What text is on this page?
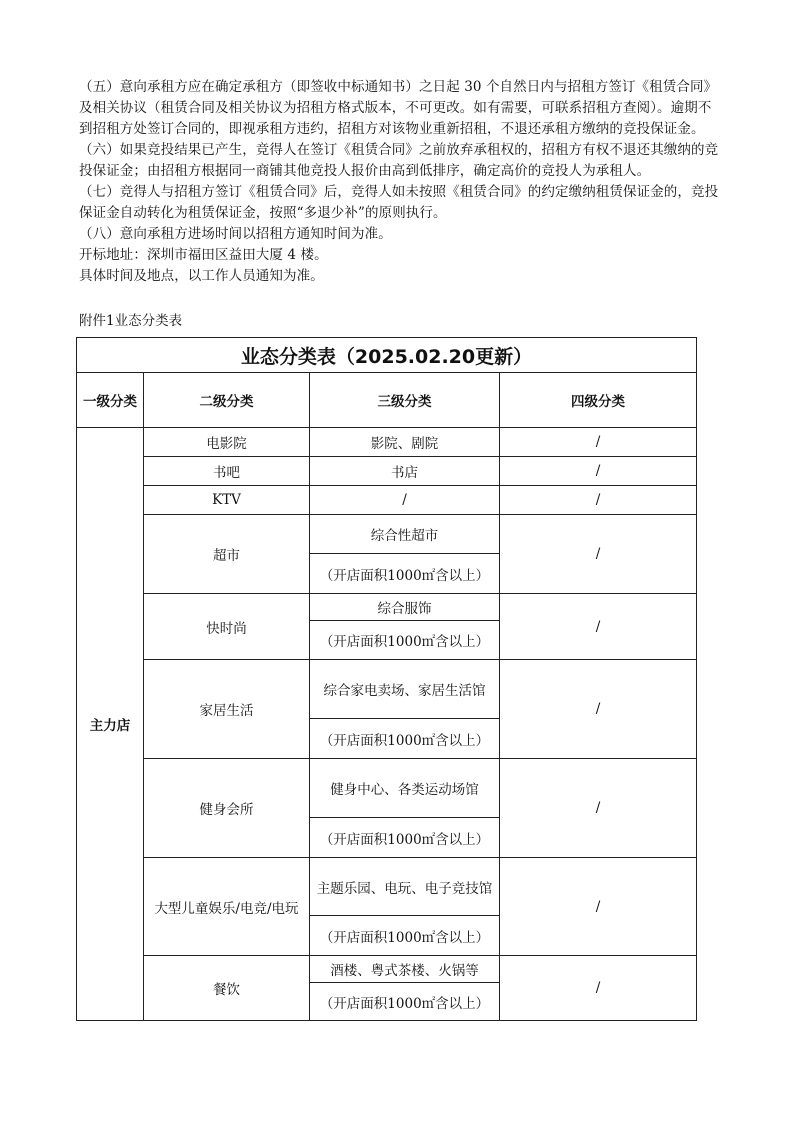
（五）意向承租方应在确定承租方（即签收中标通知书）之日起 30 个自然日内与招租方签订《租赁合同》及相关协议（租赁合同及相关协议为招租方格式版本，不可更改。如有需要，可联系招租方查阅）。逾期不到招租方处签订合同的，即视承租方违约，招租方对该物业重新招租，不退还承租方缴纳的竞投保证金。

（六）如果竞投结果已产生，竞得人在签订《租赁合同》之前放弃承租权的，招租方有权不退还其缴纳的竞投保证金；由招租方根据同一商铺其他竞投人报价由高到低排序，确定高价的竞投人为承租人。

（七）竞得人与招租方签订《租赁合同》后，竞得人如未按照《租赁合同》的约定缴纳租赁保证金的，竞投保证金自动转化为租赁保证金，按照“多退少补”的原则执行。

（八）意向承租方进场时间以招租方通知时间为准。

开标地址：深圳市福田区益田大厦 4 楼。

具体时间及地点，以工作人员通知为准。

附件1业态分类表
业态分类表（2025.02.20更新）			
一级分类	二级分类	三级分类	四级分类
主力店	电影院	影院、剧院	/
	书吧	书店	/
	KTV	/	/
	超市	综合性超市	/
		（开店面积1000㎡含以上）	
	快时尚	综合服饰	/
		（开店面积1000㎡含以上）	
	家居生活	综合家电卖场、家居生活馆	/
		（开店面积1000㎡含以上）	
	健身会所	健身中心、各类运动场馆	/
		（开店面积1000㎡含以上）	
	大型儿童娱乐/电竞/电玩	主题乐园、电玩、电子竞技馆	/
		（开店面积1000㎡含以上）	
	餐饮	酒楼、粤式茶楼、火锅等	/
		（开店面积1000㎡含以上）	
